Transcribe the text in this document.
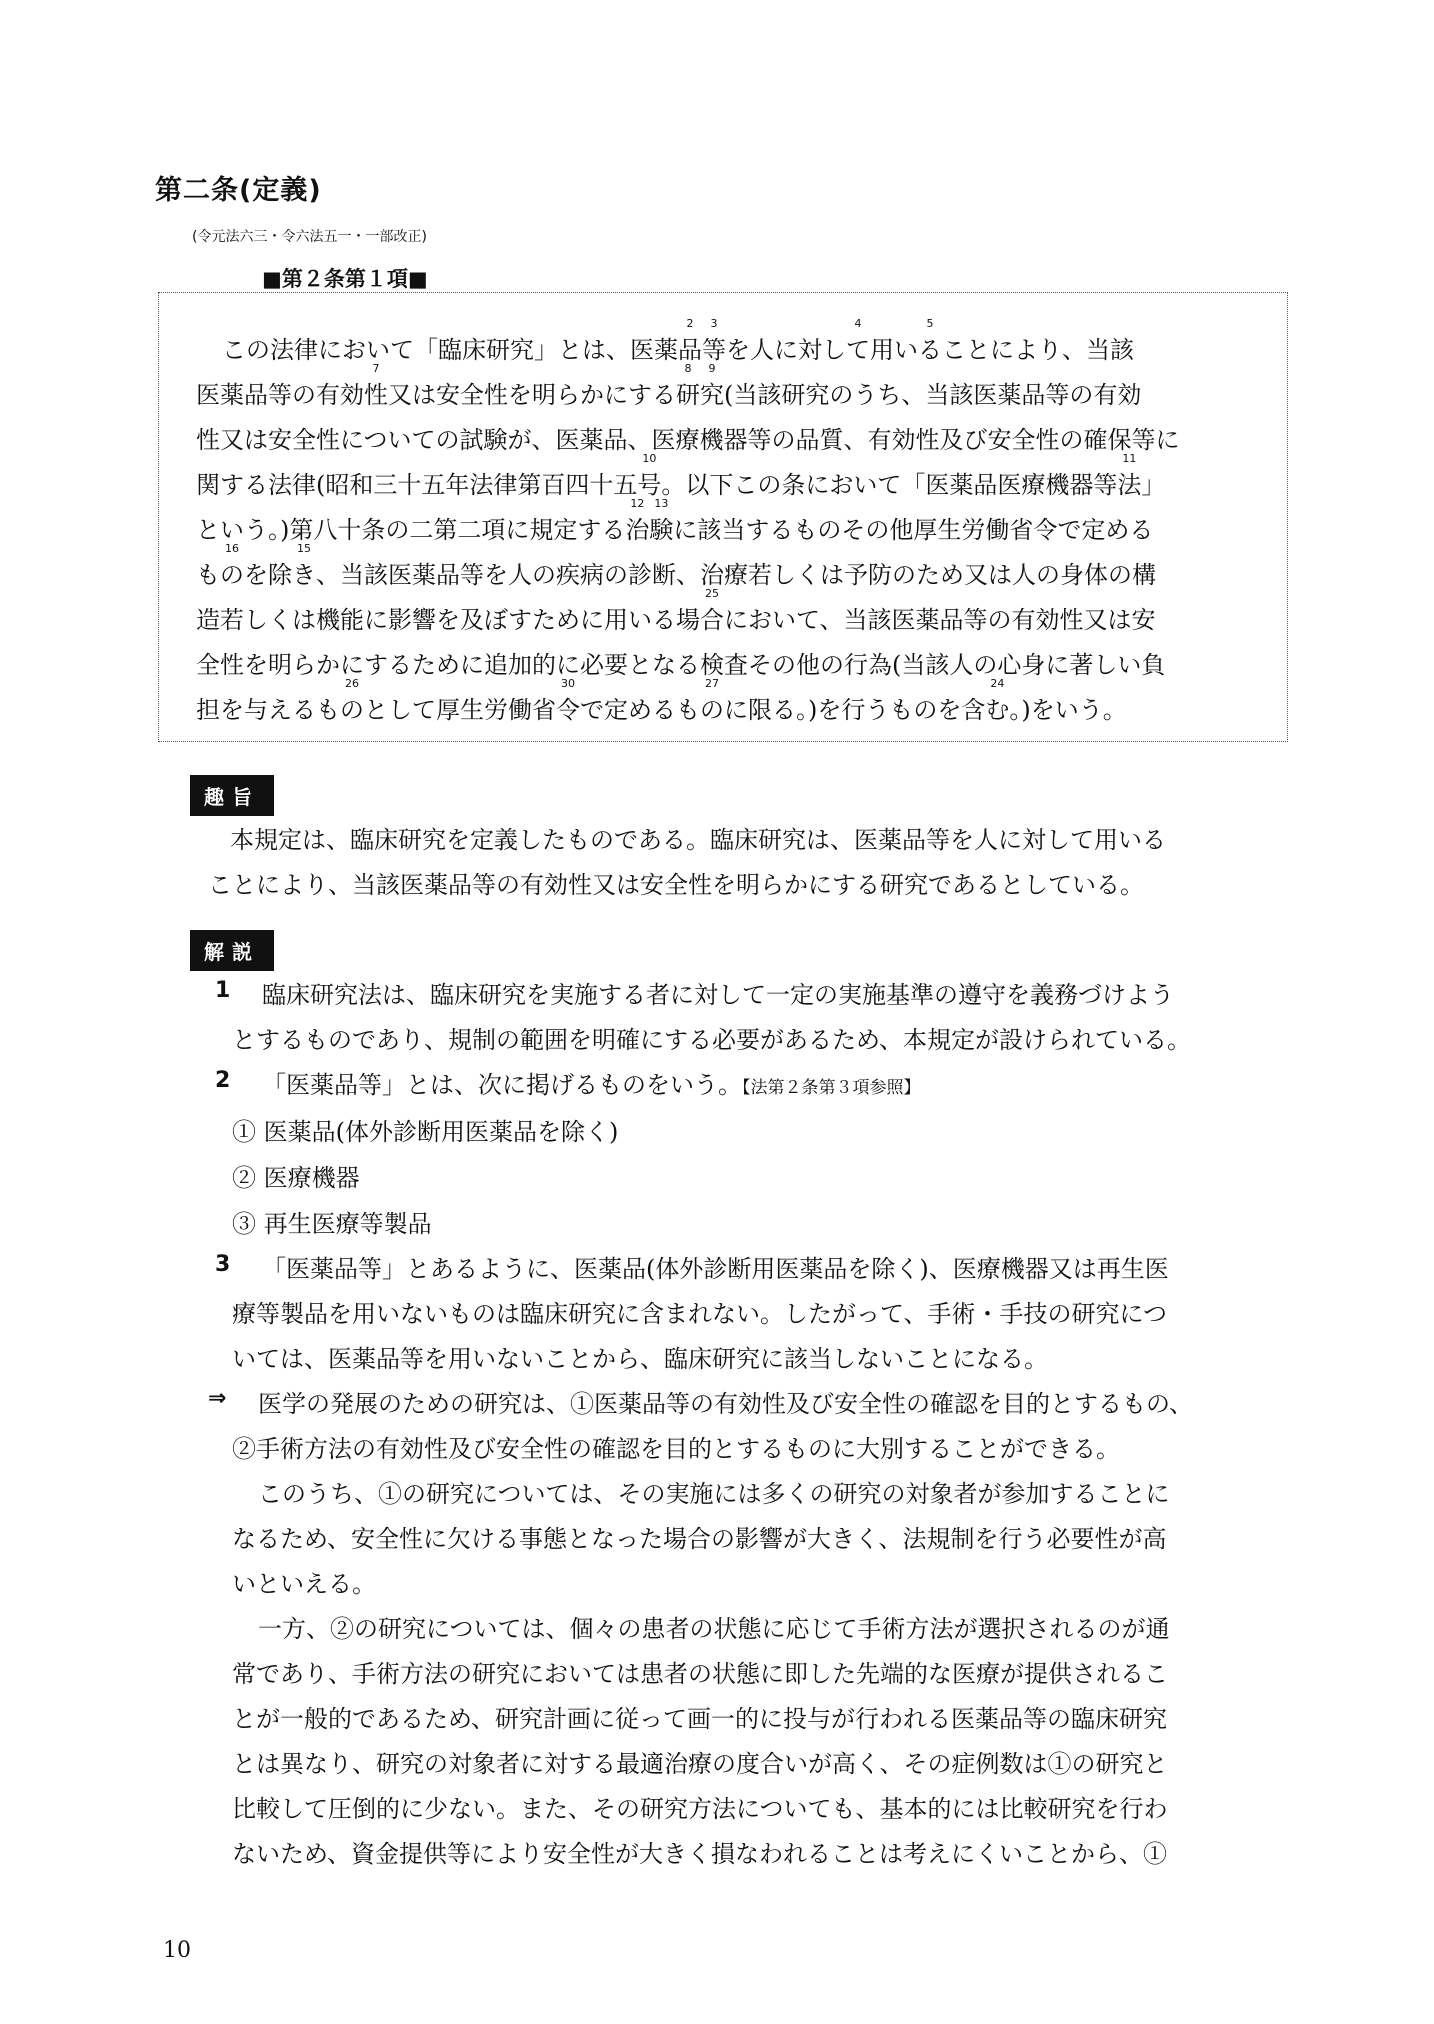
第二条(定義)
(令元法六三・令六法五一・一部改正)
■第２条第１項■
この法律において「臨床研究」とは、医薬品
2
等
3
を人に対して
4
用いる
5
ことにより、当該
医薬品等の有効性
7
又は安全性を明らかにする研
8
究
9
(当該研究のうち、当該医薬品等の有効
性又は安全性についての試験が、医薬品、医療機器等の品質、有効性及び安全性の確保等に
関する法律(昭和三十五年法律第百四十五号
10
。以下この条において「医薬品医療機器等法
11
」
という。)第八十条の二第二項に規定する治
12
験
13
に該当するものその他厚生労働省令で定める
もの
16
を除き
15
、当該医薬品等を人の疾病の診断、治療若しくは予防のため又は人の身体の構
造若しくは機能に影響を及ぼすために用いる場合
25
において、当該医薬品等の有効性又は安
全性を明らかにするために追加的に必要となる検査その他の行為(当該人の心身に著しい負
担を与えるもの
26
として厚生労働省令
30
で定めるもの
27
に限る。)を行うものを含む
24
。)をいう。
趣旨
本規定は、臨床研究を定義したものである。臨床研究は、医薬品等を人に対して用いる
ことにより、当該医薬品等の有効性又は安全性を明らかにする研究であるとしている。
解説
1 臨床研究法は、臨床研究を実施する者に対して一定の実施基準の遵守を義務づけよう
とするものであり、規制の範囲を明確にする必要があるため、本規定が設けられている。
2 「医薬品等」とは、次に掲げるものをいう。【法第２条第３項参照】
① 医薬品(体外診断用医薬品を除く)
② 医療機器
③ 再生医療等製品
3 「医薬品等」とあるように、医薬品(体外診断用医薬品を除く)、医療機器又は再生医
療等製品を用いないものは臨床研究に含まれない。したがって、手術・手技の研究につ
いては、医薬品等を用いないことから、臨床研究に該当しないことになる。
⇒ 医学の発展のための研究は、①医薬品等の有効性及び安全性の確認を目的とするもの、
②手術方法の有効性及び安全性の確認を目的とするものに大別することができる。
このうち、①の研究については、その実施には多くの研究の対象者が参加することに
なるため、安全性に欠ける事態となった場合の影響が大きく、法規制を行う必要性が高
いといえる。
一方、②の研究については、個々の患者の状態に応じて手術方法が選択されるのが通
常であり、手術方法の研究においては患者の状態に即した先端的な医療が提供されるこ
とが一般的であるため、研究計画に従って画一的に投与が行われる医薬品等の臨床研究
とは異なり、研究の対象者に対する最適治療の度合いが高く、その症例数は①の研究と
比較して圧倒的に少ない。また、その研究方法についても、基本的には比較研究を行わ
ないため、資金提供等により安全性が大きく損なわれることは考えにくいことから、①
10
